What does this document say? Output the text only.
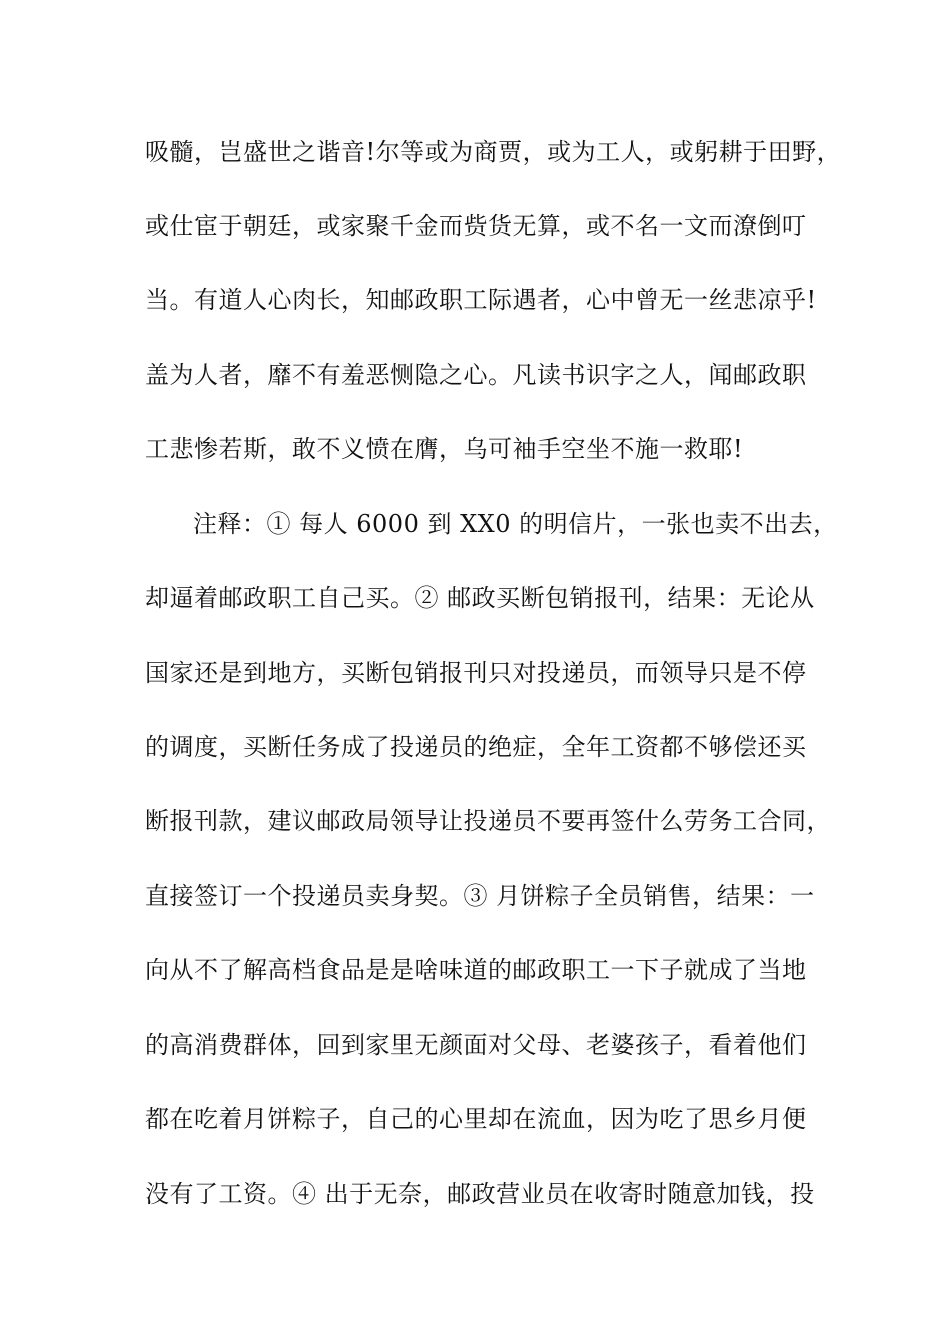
吸髓，岂盛世之谐音!尔等或为商贾，或为工人，或躬耕于田野，
或仕宦于朝廷，或家聚千金而赀货无算，或不名一文而潦倒叮
当。有道人心肉长，知邮政职工际遇者，心中曾无一丝悲凉乎!
盖为人者，靡不有羞恶恻隐之心。凡读书识字之人，闻邮政职
工悲惨若斯，敢不义愤在膺，乌可袖手空坐不施一救耶!
注释：① 每人 6000 到 XX0 的明信片，一张也卖不出去，
却逼着邮政职工自己买。② 邮政买断包销报刊，结果：无论从
国家还是到地方，买断包销报刊只对投递员，而领导只是不停
的调度，买断任务成了投递员的绝症，全年工资都不够偿还买
断报刊款，建议邮政局领导让投递员不要再签什么劳务工合同，
直接签订一个投递员卖身契。③ 月饼粽子全员销售，结果：一
向从不了解高档食品是是啥味道的邮政职工一下子就成了当地
的高消费群体，回到家里无颜面对父母、老婆孩子，看着他们
都在吃着月饼粽子，自己的心里却在流血，因为吃了思乡月便
没有了工资。④ 出于无奈，邮政营业员在收寄时随意加钱，投
